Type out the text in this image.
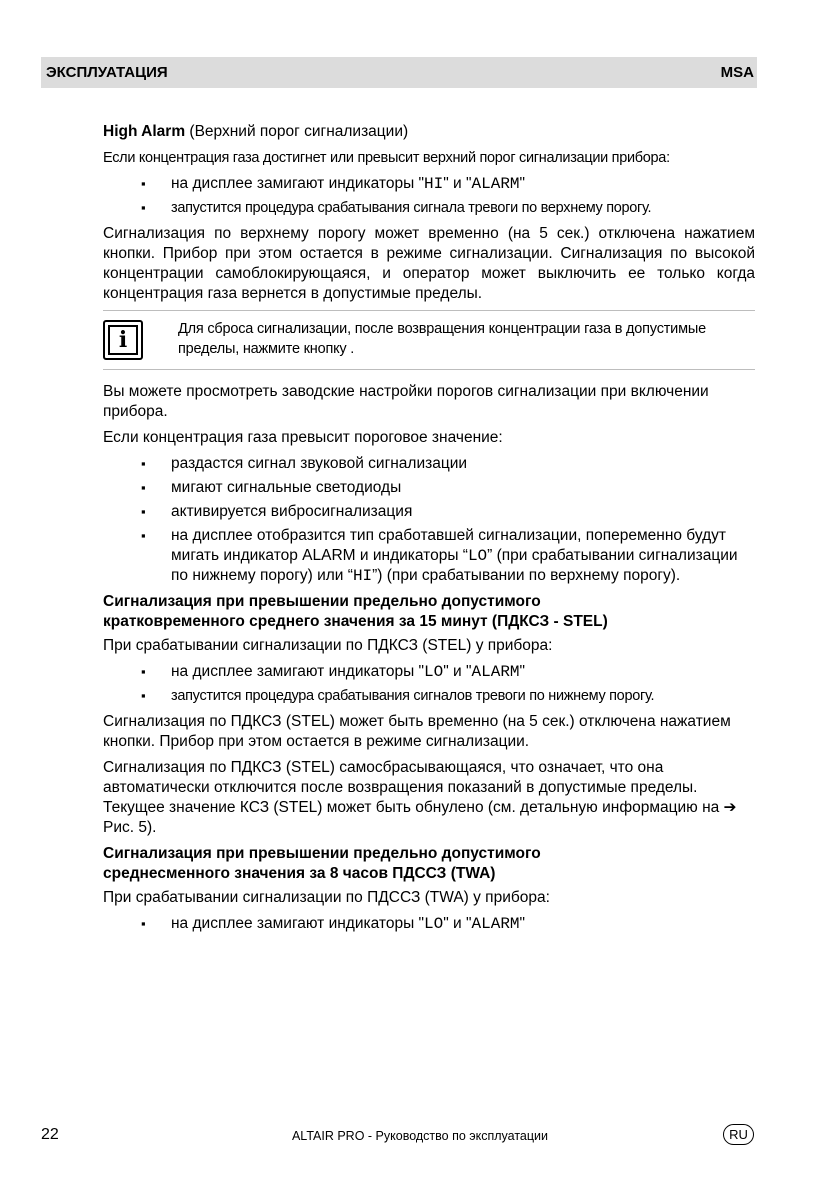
ЭКСПЛУАТАЦИЯ	MSA

High Alarm (Верхний порог сигнализации)

Если концентрация газа достигнет или превысит верхний порог сигнализации прибора:

▪ на дисплее замигают индикаторы "HI" и "ALARM"
▪ запустится процедура срабатывания сигнала тревоги по верхнему порогу.

Сигнализация по верхнему порогу может временно (на 5 сек.) отключена нажатием кнопки. Прибор при этом остается в режиме сигнализации. Сигнализация по высокой концентрации самоблокирующаяся, и оператор может выключить ее только когда концентрация газа вернется в допустимые пределы.

i	Для сброса сигнализации, после возвращения концентрации газа в допустимые пределы, нажмите кнопку .

Вы можете просмотреть заводские настройки порогов сигнализации при включении прибора.

Если концентрация газа превысит пороговое значение:

▪ раздастся сигнал звуковой сигнализации
▪ мигают сигнальные светодиоды
▪ активируется вибросигнализация
▪ на дисплее отобразится тип сработавшей сигнализации, попеременно будут мигать индикатор ALARM и индикаторы “LO” (при срабатывании сигнализации по нижнему порогу) или “HI”) (при срабатывании по верхнему порогу).
Сигнализация при превышении предельно допустимого
кратковременного среднего значения за 15 минут (ПДКСЗ - STEL)

При срабатывании сигнализации по ПДКСЗ (STEL) у прибора:

▪ на дисплее замигают индикаторы "LO" и "ALARM"
▪ запустится процедура срабатывания сигналов тревоги по нижнему порогу.

Сигнализация по ПДКСЗ (STEL) может быть временно (на 5 сек.) отключена нажатием кнопки. Прибор при этом остается в режиме сигнализации.

Сигнализация по ПДКСЗ (STEL) самосбрасывающаяся, что означает, что она автоматически отключится после возвращения показаний в допустимые пределы. Текущее значение КСЗ (STEL) может быть обнулено (см. детальную информацию на ➔ Рис. 5).

Сигнализация при превышении предельно допустимого
среднесменного значения за 8 часов ПДССЗ (TWA)

При срабатывании сигнализации по ПДССЗ (TWA) у прибора:

▪ на дисплее замигают индикаторы "LO" и "ALARM"
22	ALTAIR PRO - Руководство по эксплуатации	RU
